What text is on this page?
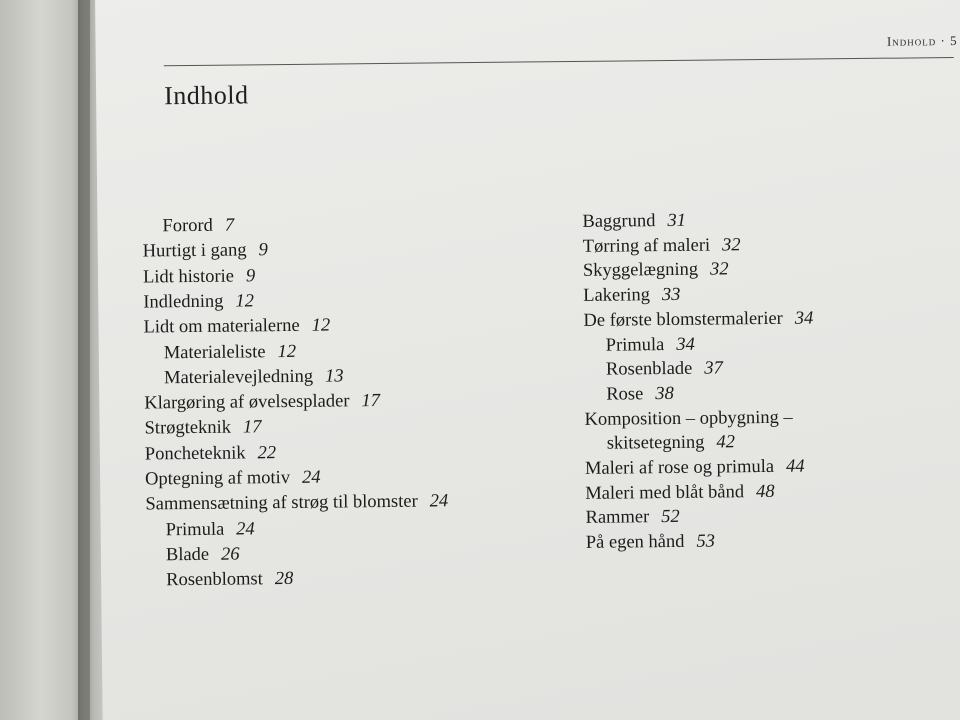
Indhold · 5
Indhold
Forord 7
Hurtigt i gang 9
Lidt historie 9
Indledning 12
Lidt om materialerne 12
Materialeliste 12
Materialevejledning 13
Klargøring af øvelsesplader 17
Strøgteknik 17
Poncheteknik 22
Optegning af motiv 24
Sammensætning af strøg til blomster 24
Primula 24
Blade 26
Rosenblomst 28
Baggrund 31
Tørring af maleri 32
Skyggelægning 32
Lakering 33
De første blomstermalerier 34
Primula 34
Rosenblade 37
Rose 38
Komposition – opbygning –
skitsetegning 42
Maleri af rose og primula 44
Maleri med blåt bånd 48
Rammer 52
På egen hånd 53
